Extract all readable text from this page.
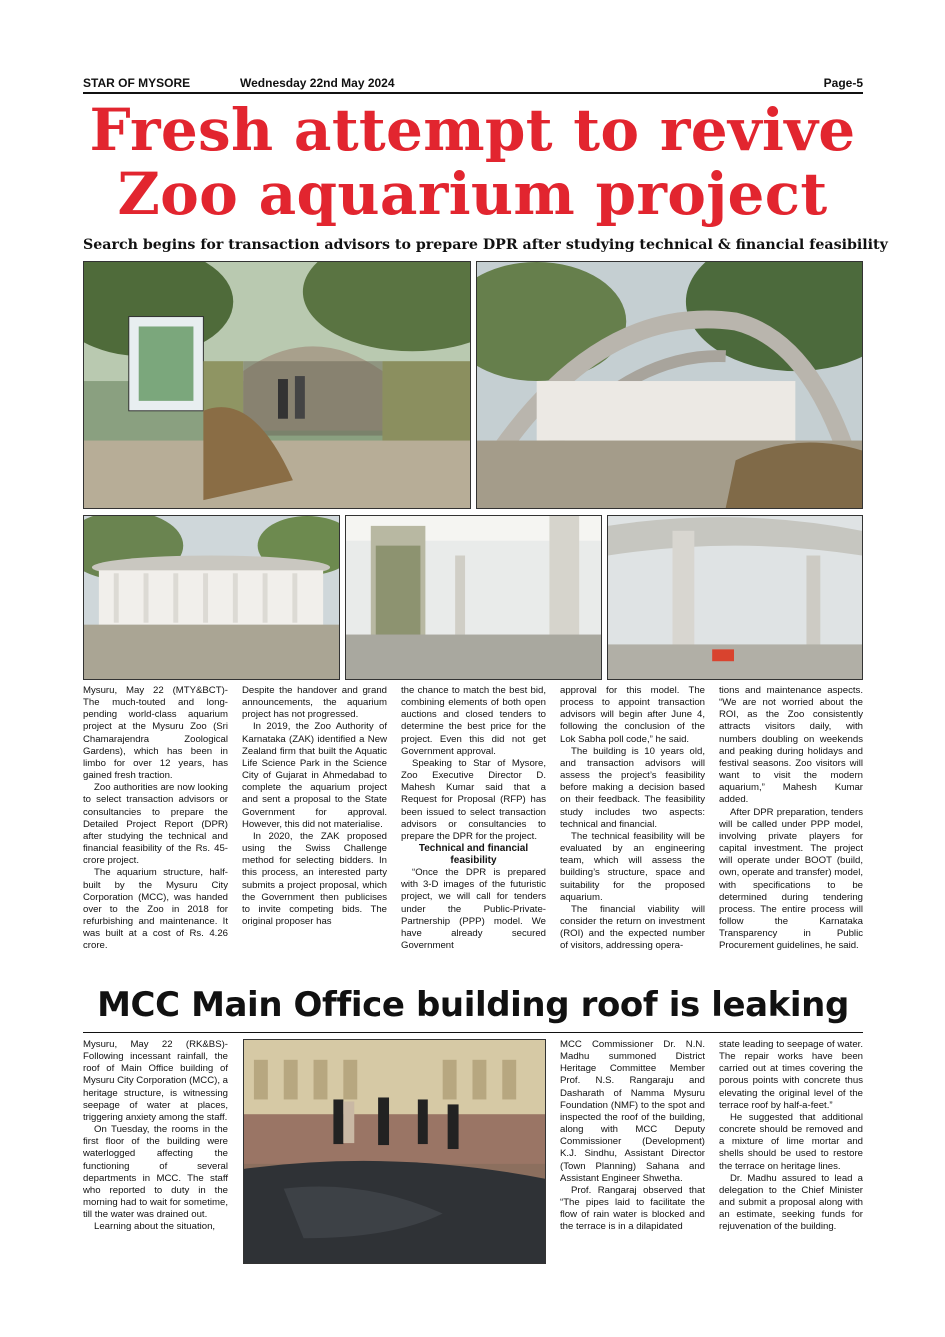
STAR OF MYSORE	Wednesday 22nd May 2024	Page-5
Fresh attempt to revive
Zoo aquarium project
Search begins for transaction advisors to prepare DPR after studying technical & financial feasibility

Mysuru, May 22 (MTY&BCT)- The much-touted and long-pending world-class aquarium project at the Mysuru Zoo (Sri Chamarajendra Zoological Gardens), which has been in limbo for over 12 years, has gained fresh traction.

Zoo authorities are now looking to select transaction advisors or consultancies to prepare the Detailed Project Report (DPR) after studying the technical and financial feasibility of the Rs. 45-crore project.

The aquarium structure, half-built by the Mysuru City Corporation (MCC), was handed over to the Zoo in 2018 for refurbishing and maintenance. It was built at a cost of Rs. 4.26 crore.

Despite the handover and grand announcements, the aquarium project has not progressed.

In 2019, the Zoo Authority of Karnataka (ZAK) identified a New Zealand firm that built the Aquatic Life Science Park in the Science City of Gujarat in Ahmedabad to complete the aquarium project and sent a proposal to the State Government for approval. However, this did not materialise.

In 2020, the ZAK proposed using the Swiss Challenge method for selecting bidders. In this process, an interested party submits a project proposal, which the Government then publicises to invite competing bids. The original proposer has

the chance to match the best bid, combining elements of both open auctions and closed tenders to determine the best price for the project. Even this did not get Government approval.

Speaking to Star of Mysore, Zoo Executive Director D. Mahesh Kumar said that a Request for Proposal (RFP) has been issued to select transaction advisors or consultancies to prepare the DPR for the project.

Technical and financial feasibility

“Once the DPR is prepared with 3-D images of the futuristic project, we will call for tenders under the Public-Private-Partnership (PPP) model. We have already secured Government

approval for this model. The process to appoint transaction advisors will begin after June 4, following the conclusion of the Lok Sabha poll code,” he said.

The building is 10 years old, and transaction advisors will assess the project’s feasibility before making a decision based on their feedback. The feasibility study includes two aspects: technical and financial.

The technical feasibility will be evaluated by an engineering team, which will assess the building’s structure, space and suitability for the proposed aquarium.

The financial viability will consider the return on investment (ROI) and the expected number of visitors, addressing opera-

tions and maintenance aspects. “We are not worried about the ROI, as the Zoo consistently attracts visitors daily, with numbers doubling on weekends and peaking during holidays and festival seasons. Zoo visitors will want to visit the modern aquarium,” Mahesh Kumar added.

After DPR preparation, tenders will be called under PPP model, involving private players for capital investment. The project will operate under BOOT (build, own, operate and transfer) model, with specifications to be determined during tendering process. The entire process will follow the Karnataka Transparency in Public Procurement guidelines, he said.

MCC Main Office building roof is leaking

Mysuru, May 22 (RK&BS)- Following incessant rainfall, the roof of Main Office building of Mysuru City Corporation (MCC), a heritage structure, is witnessing seepage of water at places, triggering anxiety among the staff.

On Tuesday, the rooms in the first floor of the building were waterlogged affecting the functioning of several departments in MCC. The staff who reported to duty in the morning had to wait for sometime, till the water was drained out.

Learning about the situation,

MCC Commissioner Dr. N.N. Madhu summoned District Heritage Committee Member Prof. N.S. Rangaraju and Dasharath of Namma Mysuru Foundation (NMF) to the spot and inspected the roof of the building, along with MCC Deputy Commissioner (Development) K.J. Sindhu, Assistant Director (Town Planning) Sahana and Assistant Engineer Shwetha.

Prof. Rangaraj observed that “The pipes laid to facilitate the flow of rain water is blocked and the terrace is in a dilapidated

state leading to seepage of water. The repair works have been carried out at times covering the porous points with concrete thus elevating the original level of the terrace roof by half-a-feet.”

He suggested that additional concrete should be removed and a mixture of lime mortar and shells should be used to restore the terrace on heritage lines.

Dr. Madhu assured to lead a delegation to the Chief Minister and submit a proposal along with an estimate, seeking funds for rejuvenation of the building.
